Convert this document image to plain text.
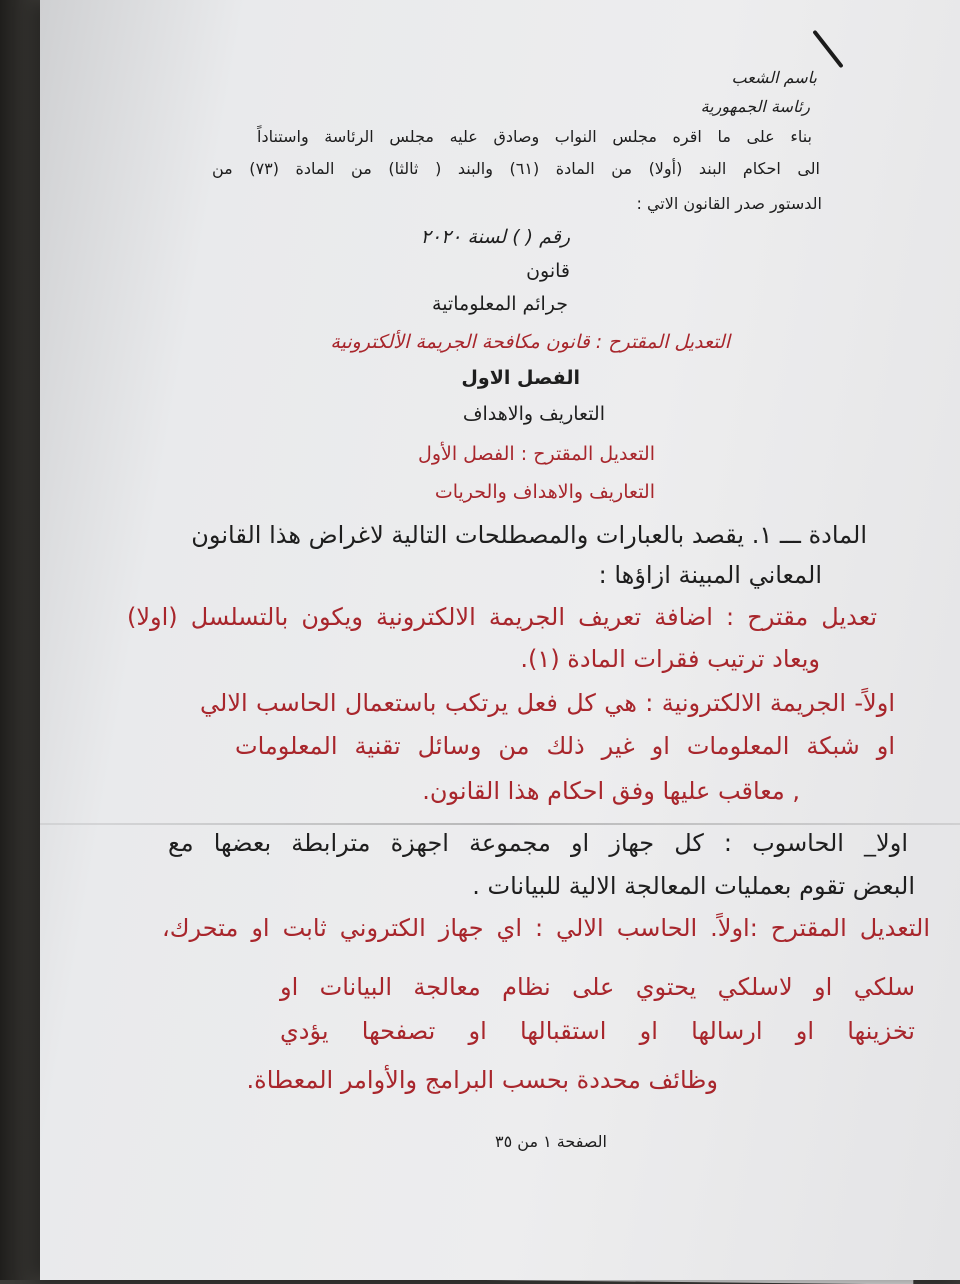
باسم الشعب
رئاسة الجمهورية
بناء على ما اقره مجلس النواب وصادق عليه مجلس الرئاسة واستناداً
الى احكام البند (أولا) من المادة (٦١) والبند ( ثالثا) من المادة (٧٣) من
الدستور صدر القانون الاتي :
رقم ( ) لسنة ٢٠٢٠
قانون
جرائم المعلوماتية
التعديل المقترح : قانون مكافحة الجريمة الألكترونية
الفصل الاول
التعاريف والاهداف
التعديل المقترح : الفصل الأول
التعاريف والاهداف والحريات
المادة ـــ ١. يقصد بالعبارات والمصطلحات التالية لاغراض هذا القانون
المعاني المبينة ازاؤها :
تعديل مقترح : اضافة تعريف الجريمة الالكترونية ويكون بالتسلسل (اولا)
ويعاد ترتيب فقرات المادة (١).
اولاً- الجريمة الالكترونية : هي كل فعل يرتكب باستعمال الحاسب الالي
او شبكة المعلومات او غير ذلك من وسائل تقنية المعلومات
, معاقب عليها وفق احكام هذا القانون.
اولا_ الحاسوب : كل جهاز او مجموعة اجهزة مترابطة بعضها مع
البعض تقوم بعمليات المعالجة الالية للبيانات .
التعديل المقترح :اولاً. الحاسب الالي : اي جهاز الكتروني ثابت او متحرك،
سلكي او لاسلكي يحتوي على نظام معالجة البيانات او
تخزينها او ارسالها او استقبالها او تصفحها يؤدي
وظائف محددة بحسب البرامج والأوامر المعطاة.
الصفحة ١ من ٣٥
